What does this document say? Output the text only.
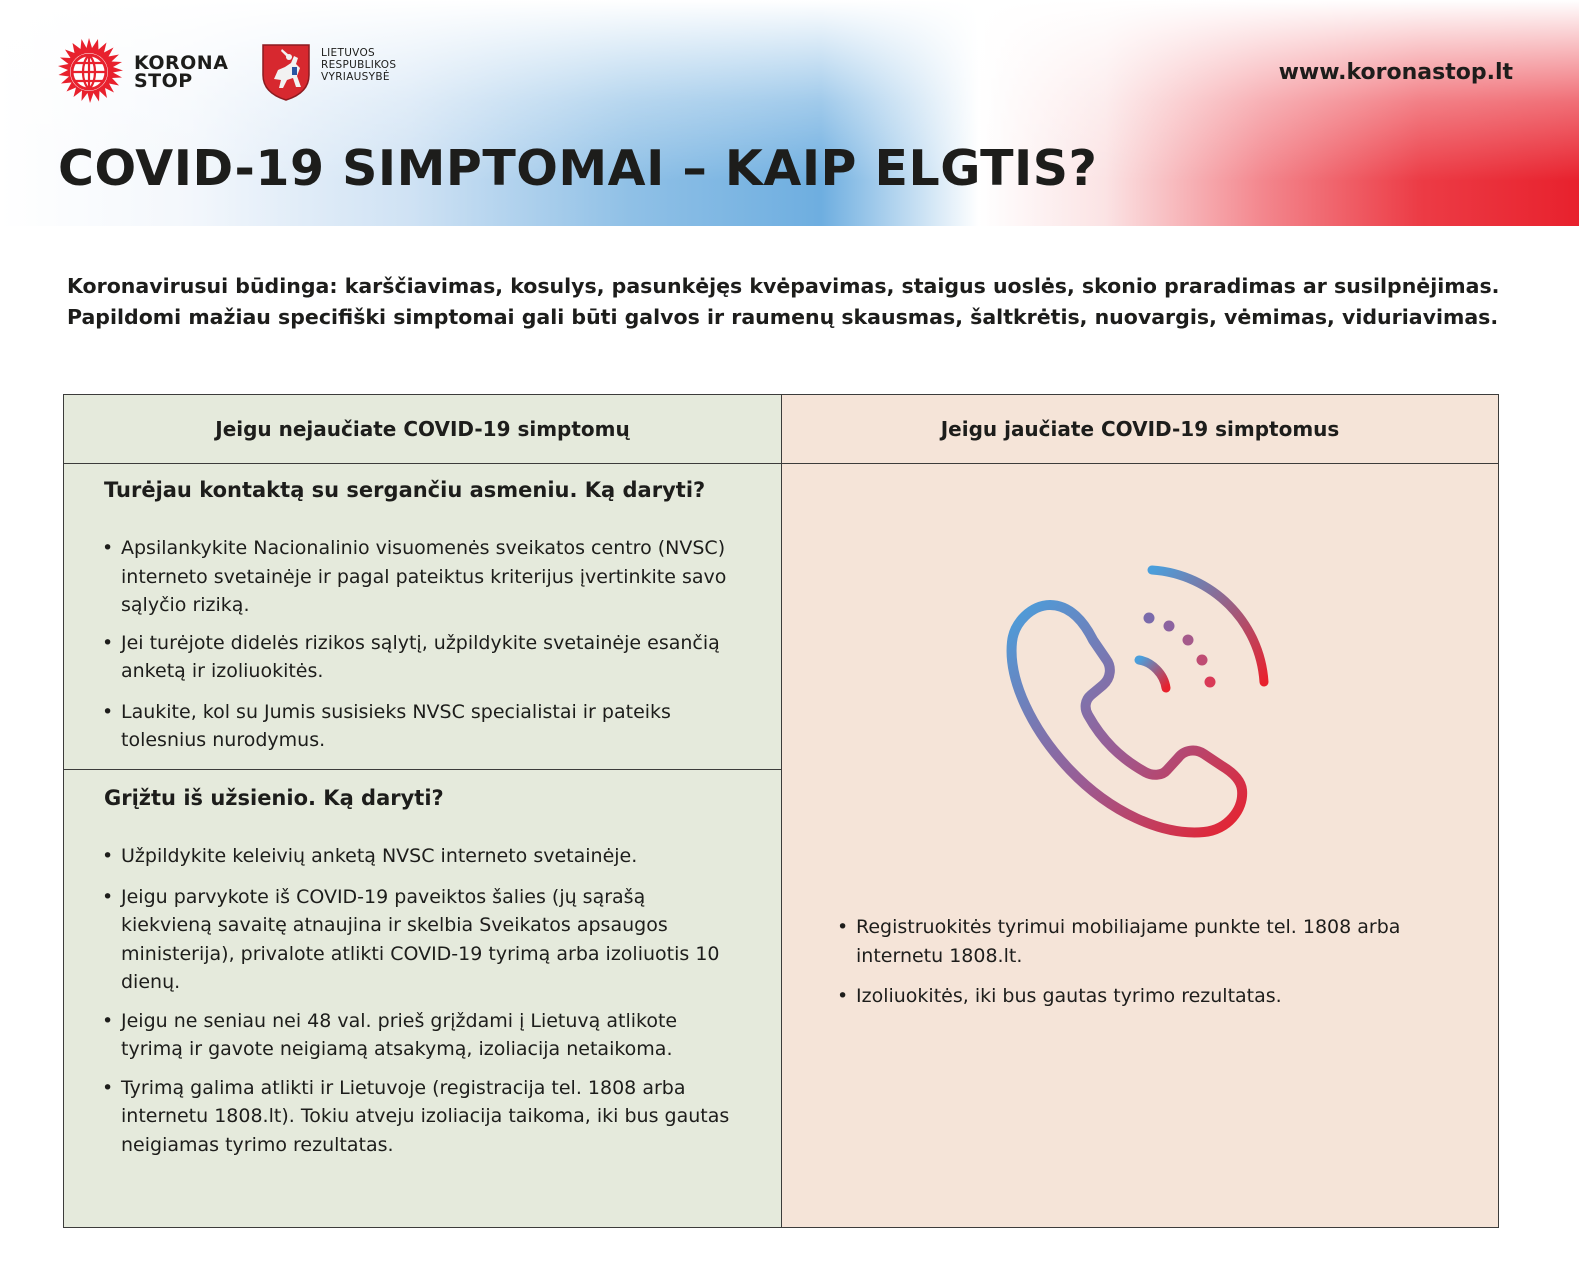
KORONA
STOP
LIETUVOS
RESPUBLIKOS
VYRIAUSYBĖ	www.koronastop.lt
COVID-19 SIMPTOMAI – KAIP ELGTIS?
Koronavirusui būdinga: karščiavimas, kosulys, pasunkėjęs kvėpavimas, staigus uoslės, skonio praradimas ar susilpnėjimas. Papildomi mažiau specifiški simptomai gali būti galvos ir raumenų skausmas, šaltkrėtis, nuovargis, vėmimas, viduriavimas.
Jeigu nejaučiate COVID-19 simptomų
Turėjau kontaktą su sergančiu asmeniu. Ką daryti?
• Apsilankykite Nacionalinio visuomenės sveikatos centro (NVSC) interneto svetainėje ir pagal pateiktus kriterijus įvertinkite savo sąlyčio riziką.
• Jei turėjote didelės rizikos sąlytį, užpildykite svetainėje esančią anketą ir izoliuokitės.
• Laukite, kol su Jumis susisieks NVSC specialistai ir pateiks tolesnius nurodymus.
Grįžtu iš užsienio. Ką daryti?
• Užpildykite keleivių anketą NVSC interneto svetainėje.
• Jeigu parvykote iš COVID-19 paveiktos šalies (jų sąrašą kiekvieną savaitę atnaujina ir skelbia Sveikatos apsaugos ministerija), privalote atlikti COVID-19 tyrimą arba izoliuotis 10 dienų.
• Jeigu ne seniau nei 48 val. prieš grįždami į Lietuvą atlikote tyrimą ir gavote neigiamą atsakymą, izoliacija netaikoma.
• Tyrimą galima atlikti ir Lietuvoje (registracija tel. 1808 arba internetu 1808.lt). Tokiu atveju izoliacija taikoma, iki bus gautas neigiamas tyrimo rezultatas.
Jeigu jaučiate COVID-19 simptomus
• Registruokitės tyrimui mobiliajame punkte tel. 1808 arba internetu 1808.lt.
• Izoliuokitės, iki bus gautas tyrimo rezultatas.
